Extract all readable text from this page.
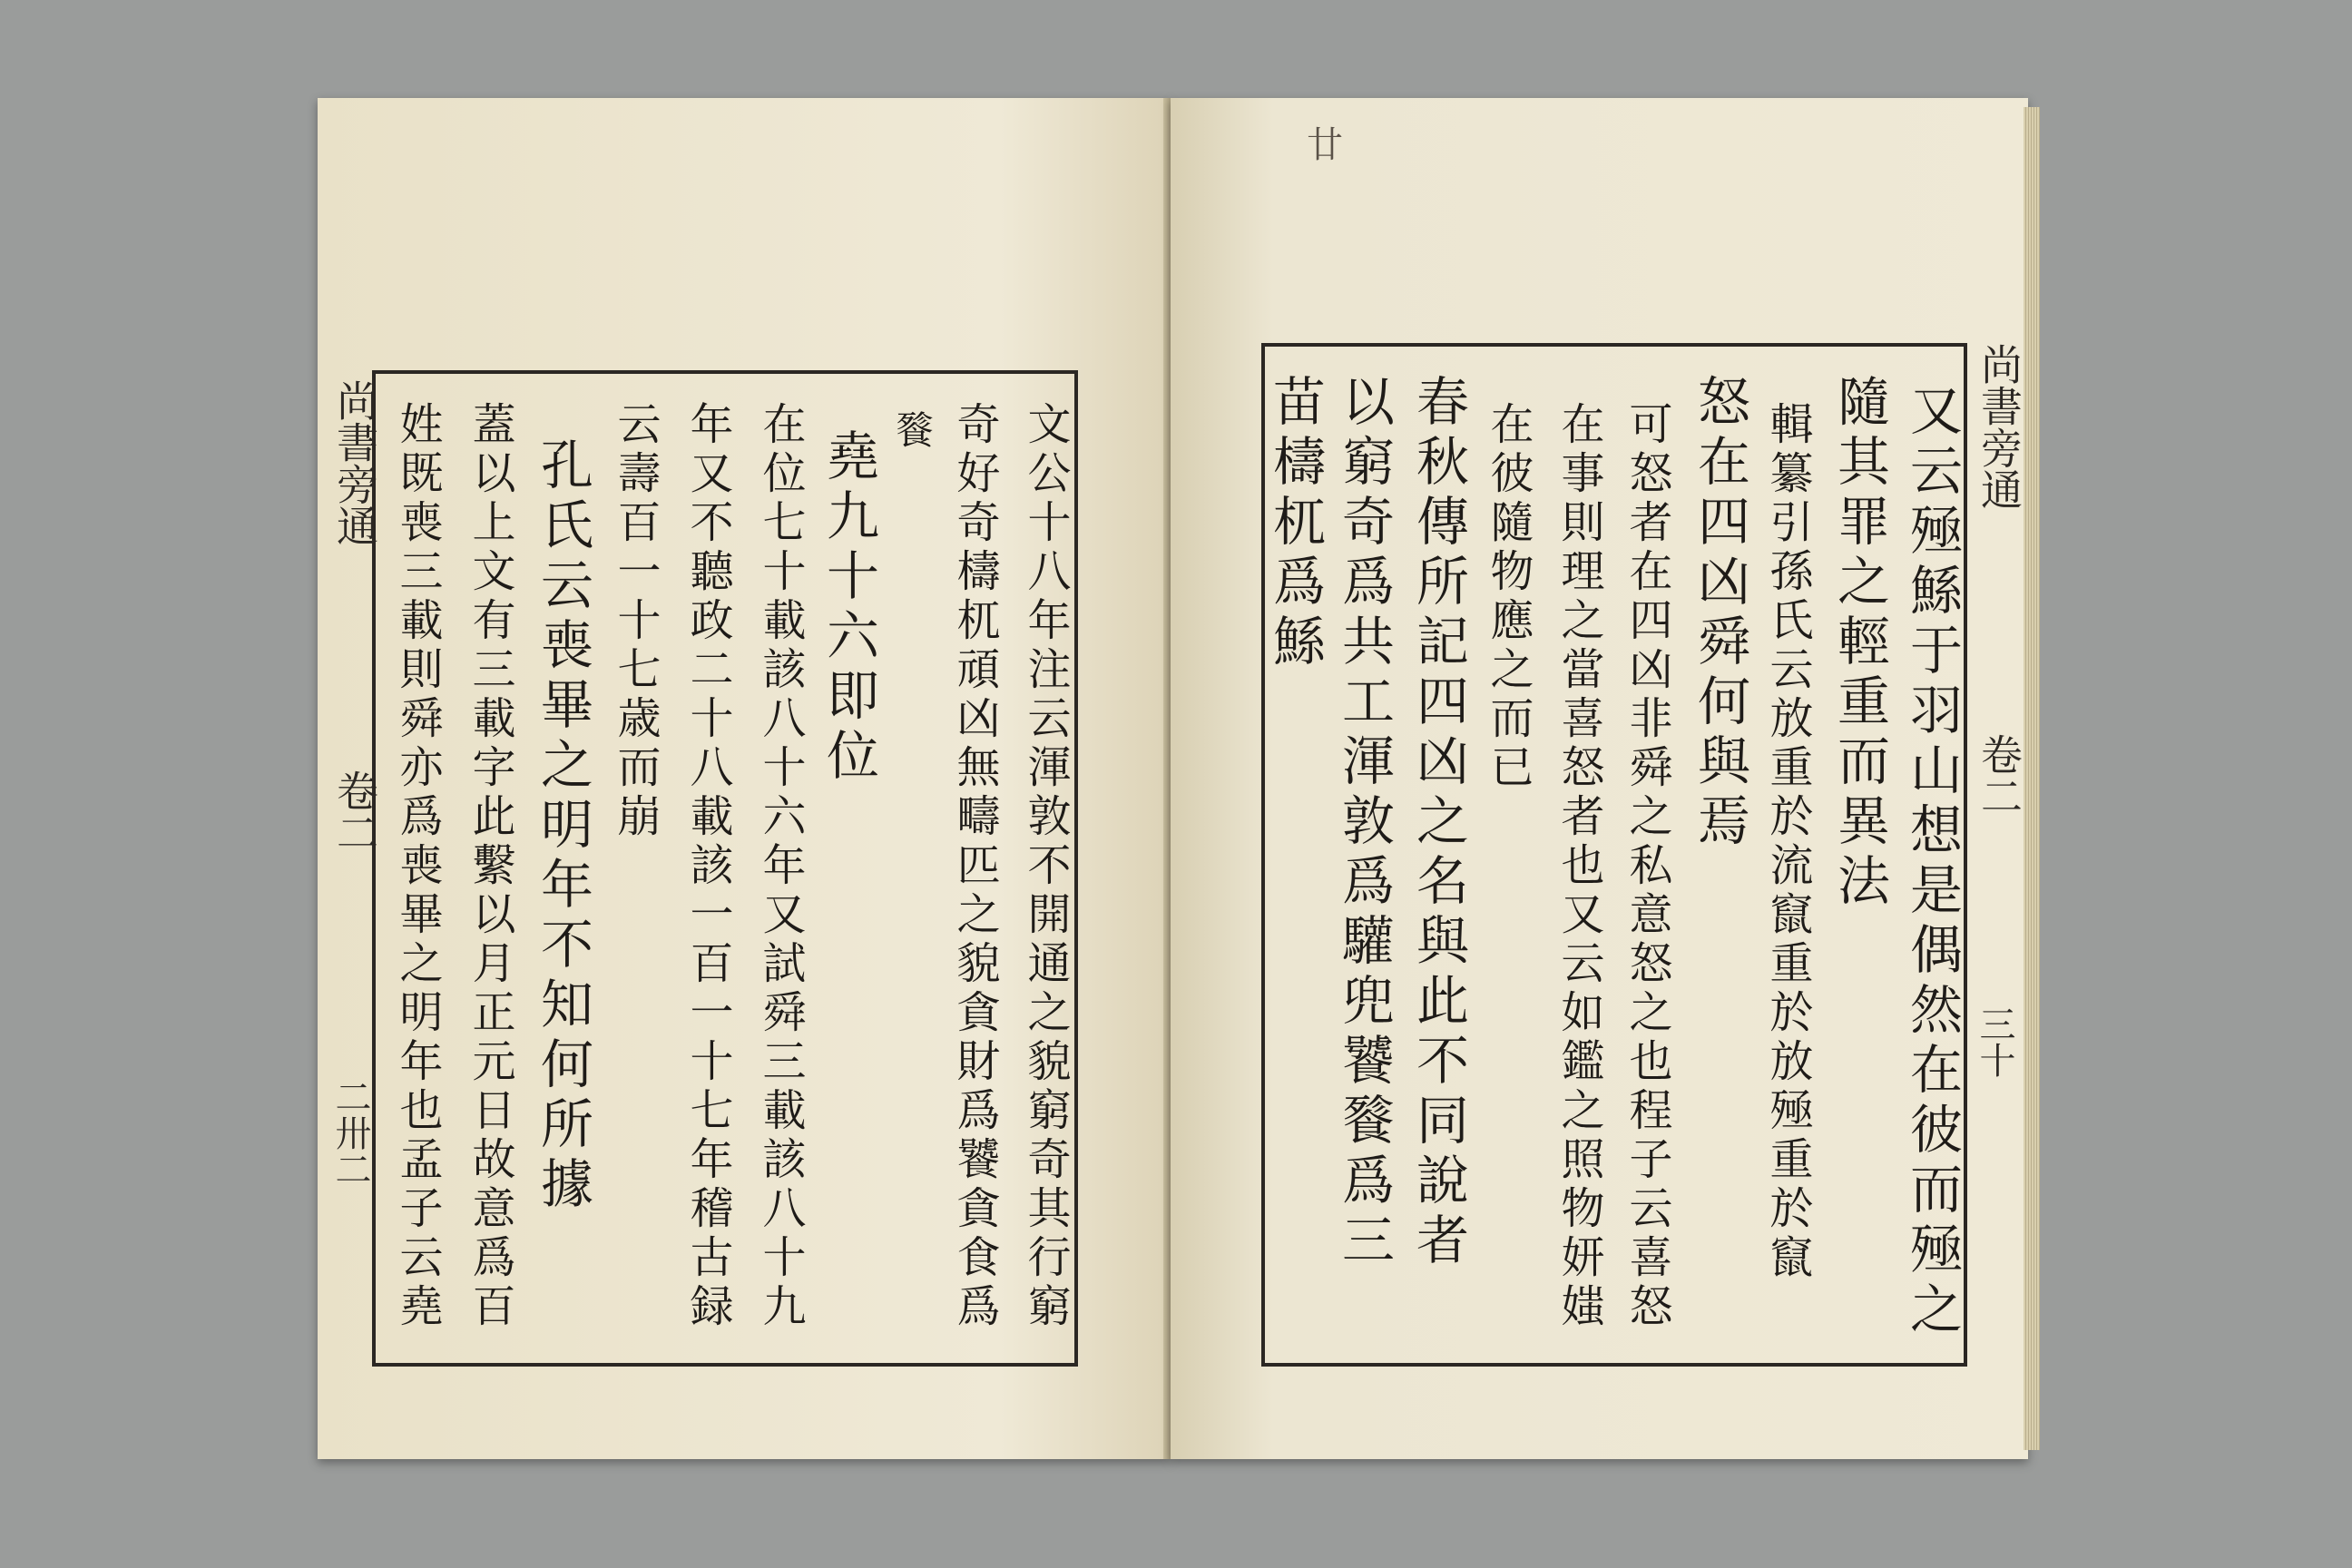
尚書旁通
卷二
二卅二	文公十八年注云渾敦不開通之貌窮奇其行窮
奇好奇檮杌頑凶無疇匹之貌貪財爲饕貪食爲
餮
堯九十六即位
在位七十載該八十六年又試舜三載該八十九
年又不聽政二十八載該一百一十七年稽古録
云壽百一十七歳而崩
孔氏云喪畢之明年不知何所據
蓋以上文有三載字此繫以月正元日故意爲百
姓既喪三載則舜亦爲喪畢之明年也孟子云堯
廿
尚書旁通
卷二
三十
又云殛鯀于羽山想是偶然在彼而殛之
隨其罪之輕重而異法
輯纂引孫氏云放重於流竄重於放殛重於竄
怒在四凶舜何與焉
可怒者在四凶非舜之私意怒之也程子云喜怒
在事則理之當喜怒者也又云如鑑之照物妍媸
在彼隨物應之而已
春秋傳所記四凶之名與此不同說者
以窮奇爲共工渾敦爲驩兜饕餮爲三
苗檮杌爲鯀
